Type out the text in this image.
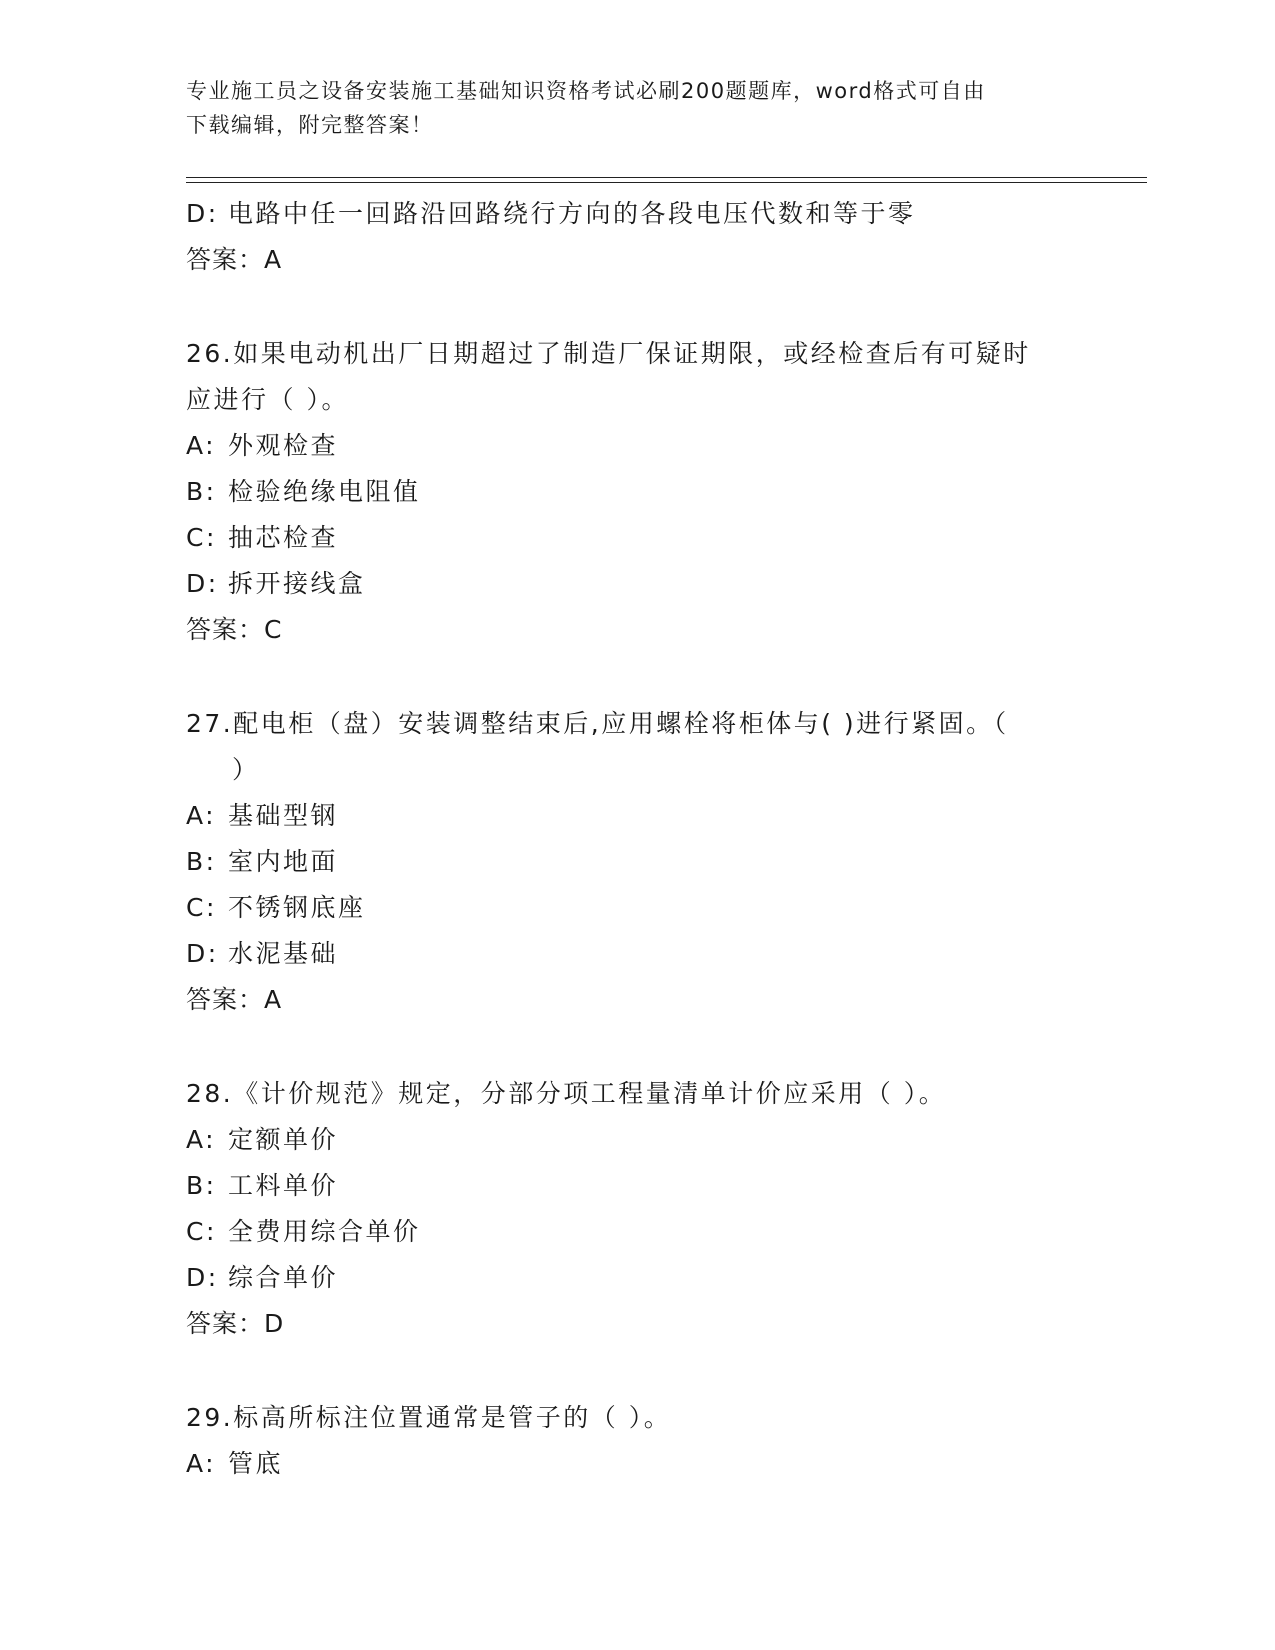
专业施工员之设备安装施工基础知识资格考试必刷200题题库，word格式可自由
下载编辑，附完整答案！
D: 电路中任一回路沿回路绕行方向的各段电压代数和等于零
答案：A
26.如果电动机出厂日期超过了制造厂保证期限，或经检查后有可疑时
应进行（ ）。
A: 外观检查
B: 检验绝缘电阻值
C: 抽芯检查
D: 拆开接线盒
答案：C
27.配电柜（盘）安装调整结束后,应用螺栓将柜体与( )进行紧固。（
）
A: 基础型钢
B: 室内地面
C: 不锈钢底座
D: 水泥基础
答案：A
28.《计价规范》规定，分部分项工程量清单计价应采用（ ）。
A: 定额单价
B: 工料单价
C: 全费用综合单价
D: 综合单价
答案：D
29.标高所标注位置通常是管子的（ ）。
A: 管底
